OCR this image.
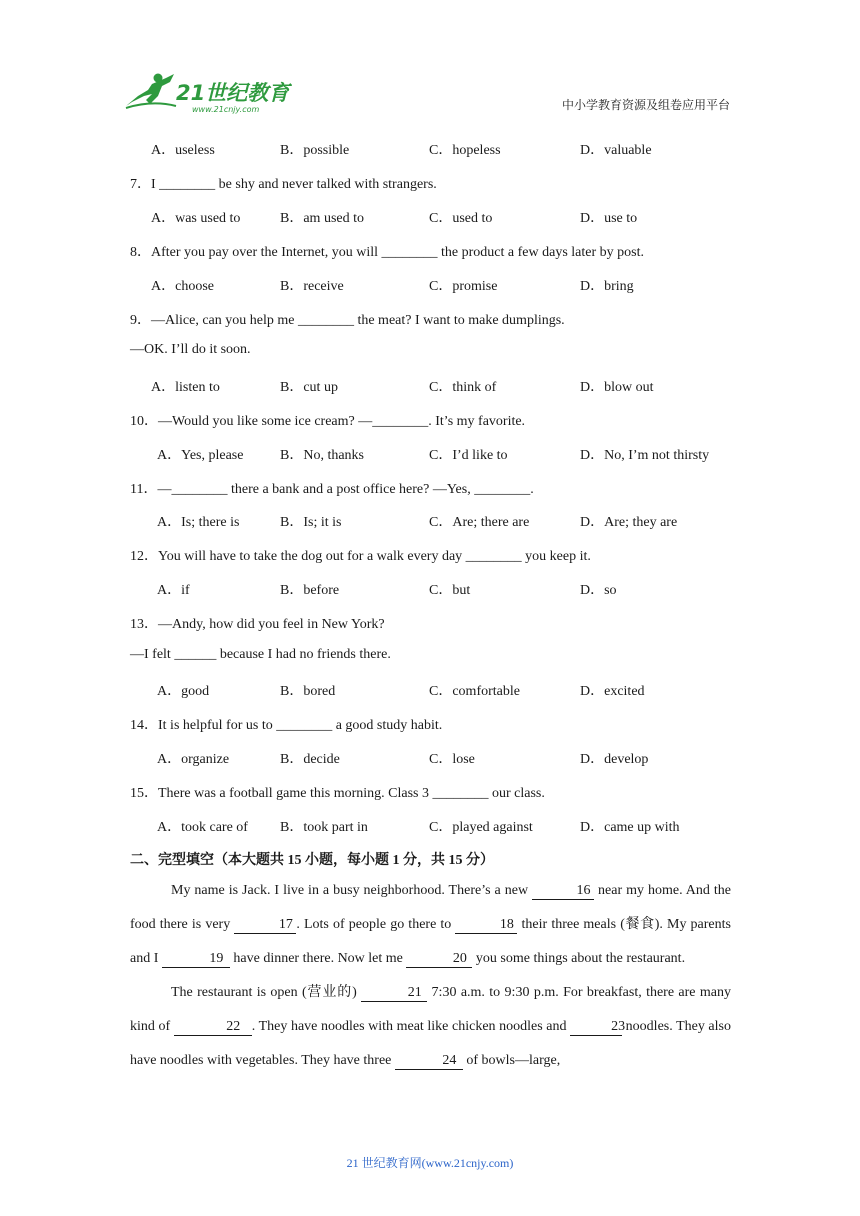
21世纪教育
www.21cnjy.com	中小学教育资源及组卷应用平台
A．useless	B．possible	C．hopeless	D．valuable
7．I ________ be shy and never talked with strangers.
A．was used to	B．am used to	C．used to	D．use to
8．After you pay over the Internet, you will ________ the product a few days later by post.
A．choose	B．receive	C．promise	D．bring
9．—Alice, can you help me ________ the meat? I want to make dumplings.
—OK. I’ll do it soon.
A．listen to	B．cut up	C．think of	D．blow out
10．—Would you like some ice cream? —________. It’s my favorite.
A．Yes, please	B．No, thanks	C．I’d like to	D．No, I’m not thirsty
11．—________ there a bank and a post office here? —Yes, ________.
A．Is; there is	B．Is; it is	C．Are; there are	D．Are; they are
12．You will have to take the dog out for a walk every day ________ you keep it.
A．if	B．before	C．but	D．so
13．—Andy, how did you feel in New York?
—I felt ______ because I had no friends there.
A．good	B．bored	C．comfortable	D．excited
14．It is helpful for us to ________ a good study habit.
A．organize	B．decide	C．lose	D．develop
15．There was a football game this morning. Class 3 ________ our class.
A．took care of B．took part in	C．played against	D．came up with
二、完型填空（本大题共 15 小题，每小题 1 分，共 15 分）

My name is Jack. I live in a busy neighborhood. There’s a new	16 near my home. And the food there is very	17 . Lots of people go there to	18 their three meals (餐食). My parents and I	19 have dinner there. Now let me	20 you some things about the restaurant.

The restaurant is open (营业的)	21 7:30 a.m. to 9:30 p.m. For breakfast, there are many kind of	22 . They have noodles with meat like chicken noodles and	23 noodles. They also have noodles with vegetables. They have three	24 of bowls—large,

21 世纪教育网(www.21cnjy.com)
